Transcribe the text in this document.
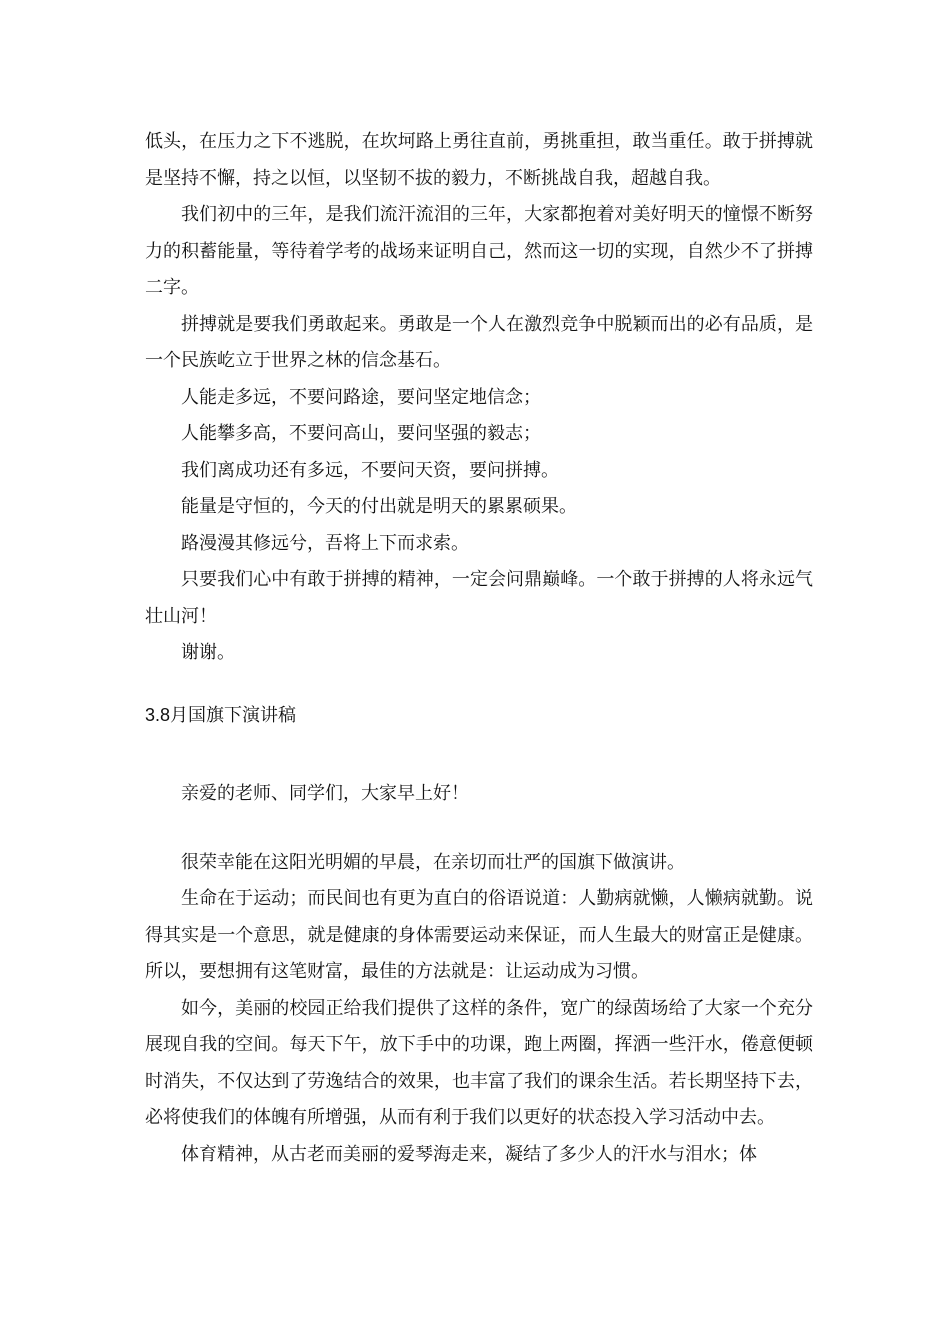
低头，在压力之下不逃脱，在坎坷路上勇往直前，勇挑重担，敢当重任。敢于拼搏就是坚持不懈，持之以恒，以坚韧不拔的毅力，不断挑战自我，超越自我。

我们初中的三年，是我们流汗流泪的三年，大家都抱着对美好明天的憧憬不断努力的积蓄能量，等待着学考的战场来证明自己，然而这一切的实现，自然少不了拼搏二字。

拼搏就是要我们勇敢起来。勇敢是一个人在激烈竞争中脱颖而出的必有品质，是一个民族屹立于世界之林的信念基石。

人能走多远，不要问路途，要问坚定地信念；

人能攀多高，不要问高山，要问坚强的毅志；

我们离成功还有多远，不要问天资，要问拼搏。

能量是守恒的，今天的付出就是明天的累累硕果。

路漫漫其修远兮，吾将上下而求索。

只要我们心中有敢于拼搏的精神，一定会问鼎巅峰。一个敢于拼搏的人将永远气壮山河！

谢谢。

3.8月国旗下演讲稿

亲爱的老师、同学们，大家早上好！

很荣幸能在这阳光明媚的早晨，在亲切而壮严的国旗下做演讲。

生命在于运动；而民间也有更为直白的俗语说道：人勤病就懒，人懒病就勤。说得其实是一个意思，就是健康的身体需要运动来保证，而人生最大的财富正是健康。所以，要想拥有这笔财富，最佳的方法就是：让运动成为习惯。

如今，美丽的校园正给我们提供了这样的条件，宽广的绿茵场给了大家一个充分展现自我的空间。每天下午，放下手中的功课，跑上两圈，挥洒一些汗水，倦意便顿时消失，不仅达到了劳逸结合的效果，也丰富了我们的课余生活。若长期坚持下去，必将使我们的体魄有所增强，从而有利于我们以更好的状态投入学习活动中去。

体育精神，从古老而美丽的爱琴海走来，凝结了多少人的汗水与泪水；体
